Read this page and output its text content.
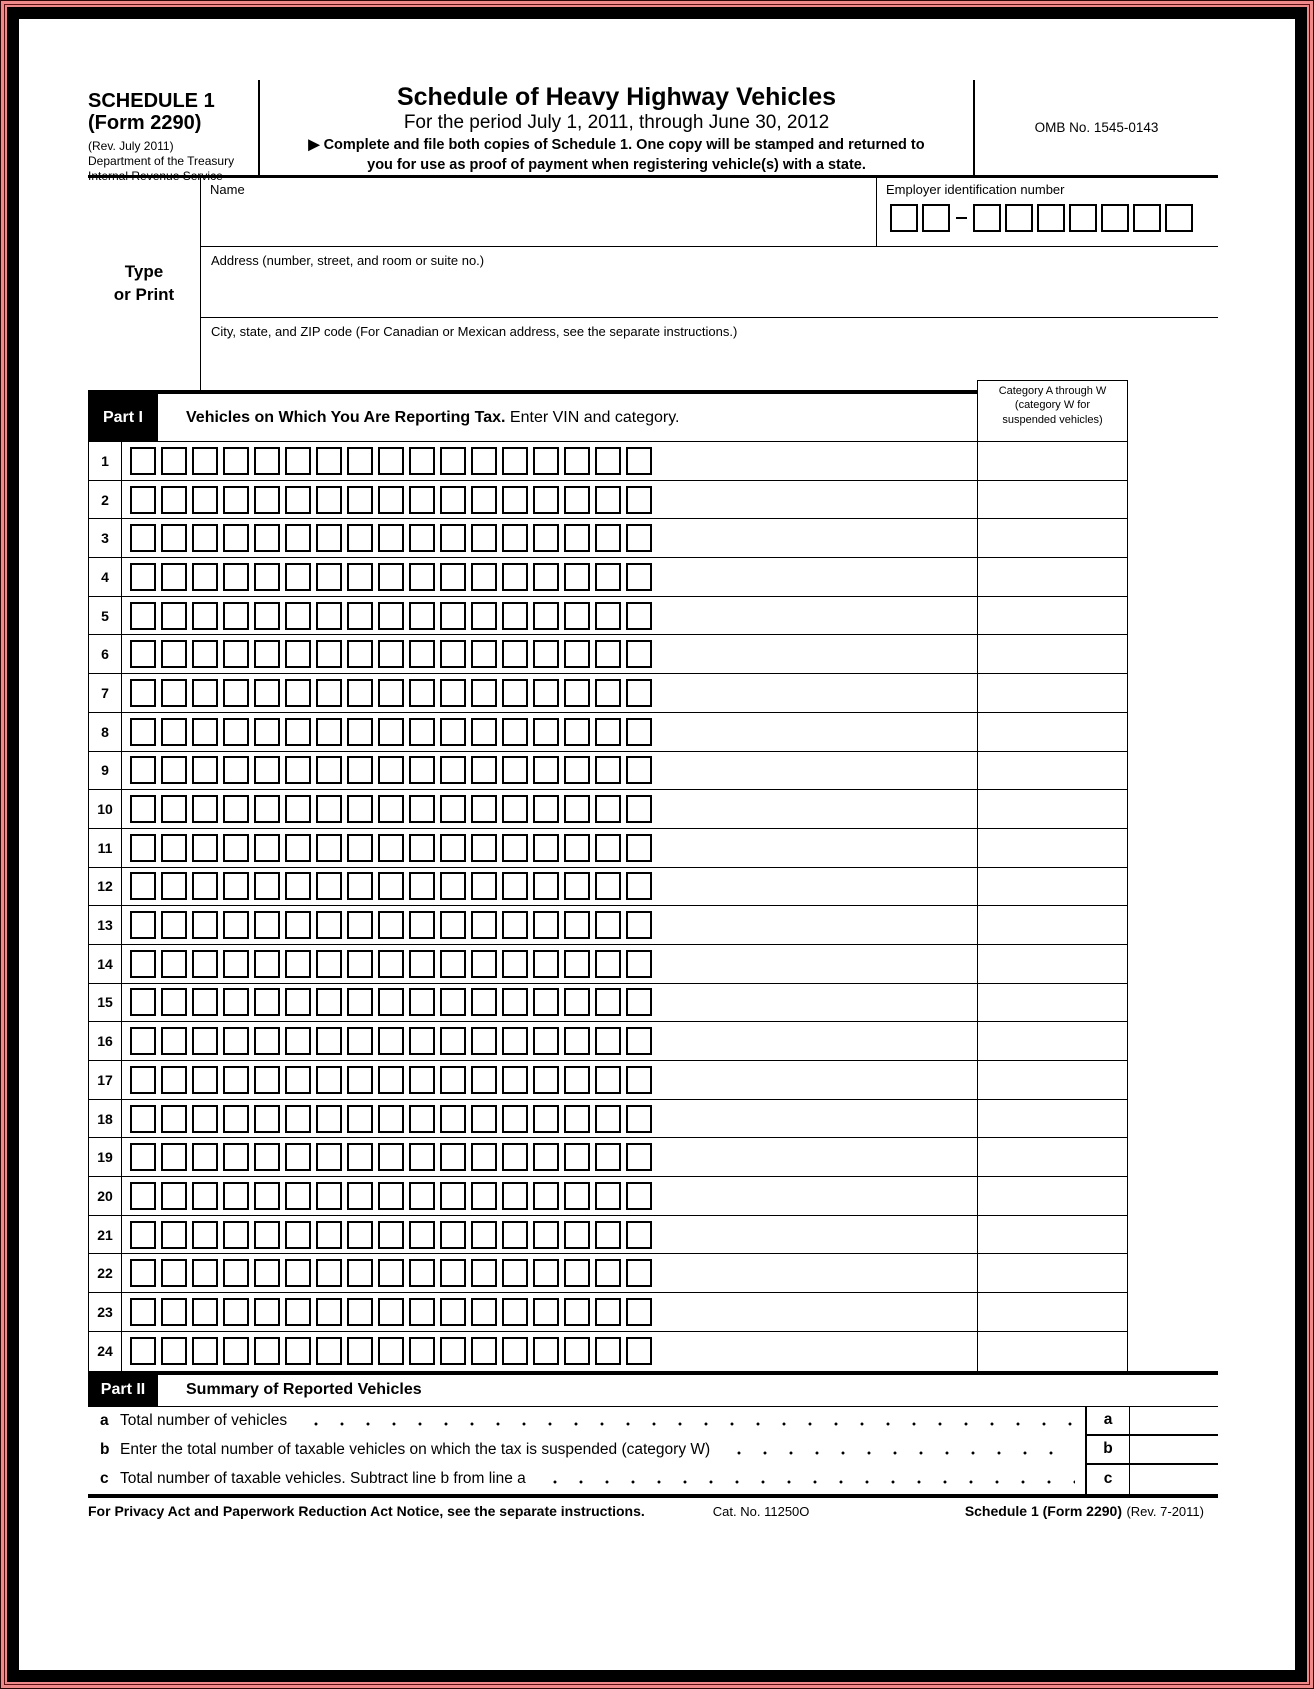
SCHEDULE 1
(Form 2290)
(Rev. July 2011)
Department of the Treasury
Internal Revenue Service
Schedule of Heavy Highway Vehicles
For the period July 1, 2011, through June 30, 2012
▶ Complete and file both copies of Schedule 1. One copy will be stamped and returned to
you for use as proof of payment when registering vehicle(s) with a state.
OMB No. 1545-0143
Type
or Print
Name	Employer identification number
Address (number, street, and room or suite no.)
City, state, and ZIP code (For Canadian or Mexican address, see the separate instructions.)
Part I	Vehicles on Which You Are Reporting Tax. Enter VIN and category.
Category A through W
(category W for
suspended vehicles)
1
2
3
4
5
6
7
8
9
10
11
12
13
14
15
16
17
18
19
20
21
22
23
24
Part II	Summary of Reported Vehicles
a Total number of vehicles	a
b Enter the total number of taxable vehicles on which the tax is suspended (category W)	b
c Total number of taxable vehicles. Subtract line b from line a	c
For Privacy Act and Paperwork Reduction Act Notice, see the separate instructions.	Cat. No. 11250O	Schedule 1 (Form 2290) (Rev. 7-2011)
